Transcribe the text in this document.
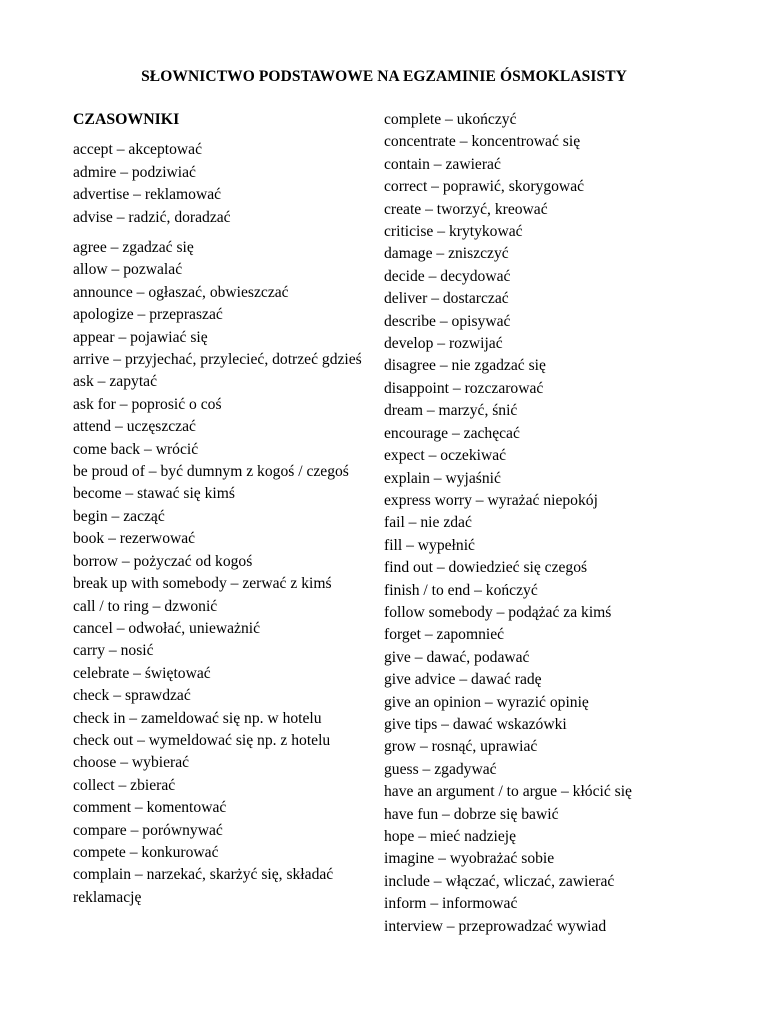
SŁOWNICTWO PODSTAWOWE NA EGZAMINIE ÓSMOKLASISTY
CZASOWNIKI
accept – akceptować
admire – podziwiać
advertise – reklamować
advise – radzić, doradzać
agree – zgadzać się
allow – pozwalać
announce – ogłaszać, obwieszczać
apologize – przepraszać
appear – pojawiać się
arrive – przyjechać, przylecieć, dotrzeć gdzieś
ask – zapytać
ask for – poprosić o coś
attend – uczęszczać
come back – wrócić
be proud of – być dumnym z kogoś / czegoś
become – stawać się kimś
begin – zacząć
book – rezerwować
borrow – pożyczać od kogoś
break up with somebody – zerwać z kimś
call / to ring – dzwonić
cancel – odwołać, unieważnić
carry – nosić
celebrate – świętować
check – sprawdzać
check in – zameldować się np. w hotelu
check out – wymeldować się np. z hotelu
choose – wybierać
collect – zbierać
comment – komentować
compare – porównywać
compete – konkurować
complain – narzekać, skarżyć się, składać reklamację
complete – ukończyć
concentrate – koncentrować się
contain – zawierać
correct – poprawić, skorygować
create – tworzyć, kreować
criticise – krytykować
damage – zniszczyć
decide – decydować
deliver – dostarczać
describe – opisywać
develop – rozwijać
disagree – nie zgadzać się
disappoint – rozczarować
dream – marzyć, śnić
encourage – zachęcać
expect – oczekiwać
explain – wyjaśnić
express worry – wyrażać niepokój
fail – nie zdać
fill – wypełnić
find out – dowiedzieć się czegoś
finish / to end – kończyć
follow somebody – podążać za kimś
forget – zapomnieć
give – dawać, podawać
give advice – dawać radę
give an opinion – wyrazić opinię
give tips – dawać wskazówki
grow – rosnąć, uprawiać
guess – zgadywać
have an argument / to argue – kłócić się
have fun – dobrze się bawić
hope – mieć nadzieję
imagine – wyobrażać sobie
include – włączać, wliczać, zawierać
inform – informować
interview – przeprowadzać wywiad
